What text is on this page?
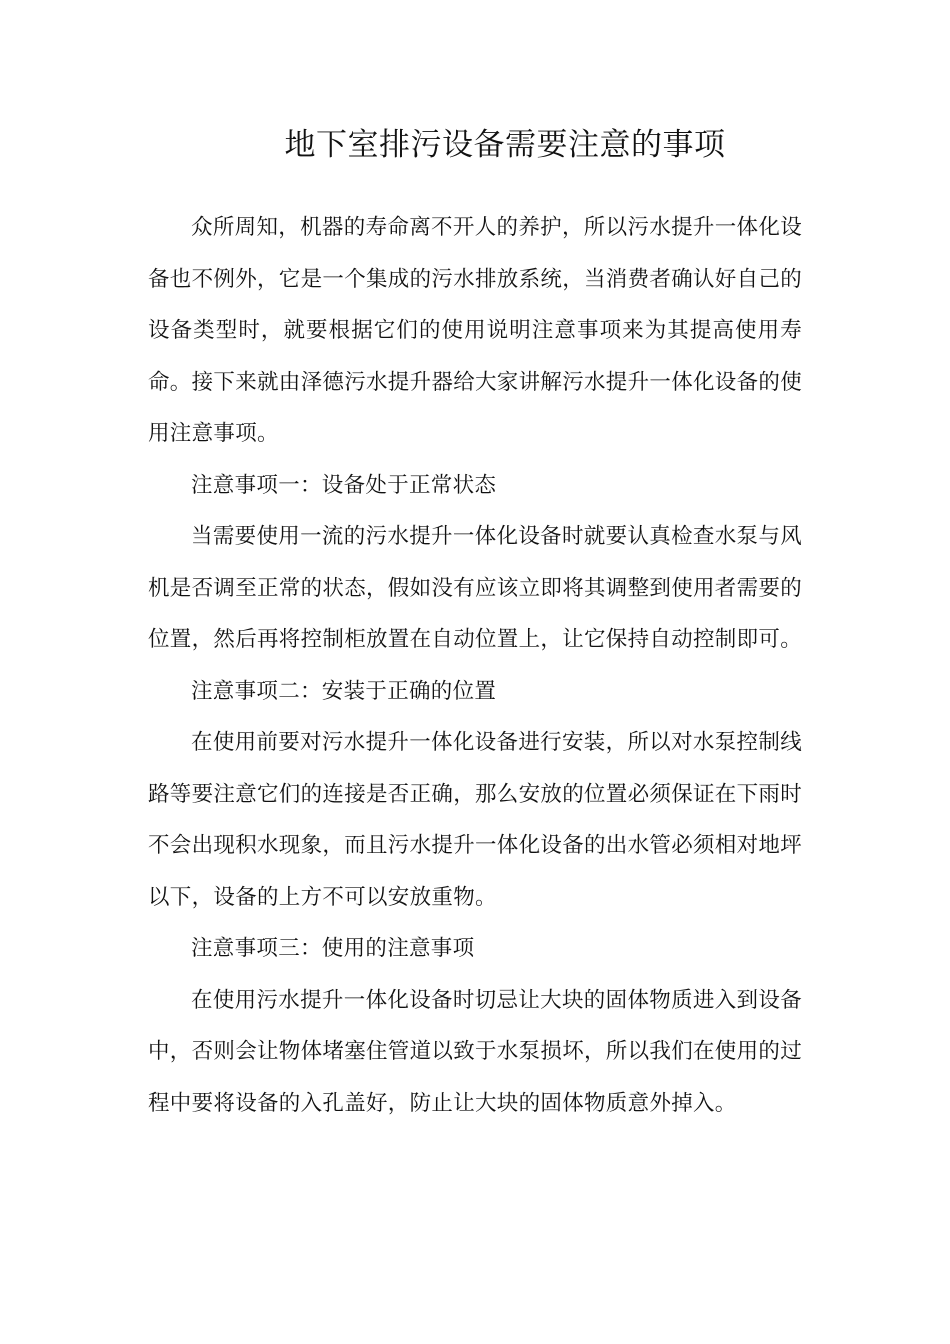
地下室排污设备需要注意的事项

众所周知，机器的寿命离不开人的养护，所以污水提升一体化设备也不例外，它是一个集成的污水排放系统，当消费者确认好自己的设备类型时，就要根据它们的使用说明注意事项来为其提高使用寿命。接下来就由泽德污水提升器给大家讲解污水提升一体化设备的使用注意事项。

注意事项一：设备处于正常状态

当需要使用一流的污水提升一体化设备时就要认真检查水泵与风机是否调至正常的状态，假如没有应该立即将其调整到使用者需要的位置，然后再将控制柜放置在自动位置上，让它保持自动控制即可。

注意事项二：安装于正确的位置

在使用前要对污水提升一体化设备进行安装，所以对水泵控制线路等要注意它们的连接是否正确，那么安放的位置必须保证在下雨时不会出现积水现象，而且污水提升一体化设备的出水管必须相对地坪以下，设备的上方不可以安放重物。

注意事项三：使用的注意事项

在使用污水提升一体化设备时切忌让大块的固体物质进入到设备中，否则会让物体堵塞住管道以致于水泵损坏，所以我们在使用的过程中要将设备的入孔盖好，防止让大块的固体物质意外掉入。
